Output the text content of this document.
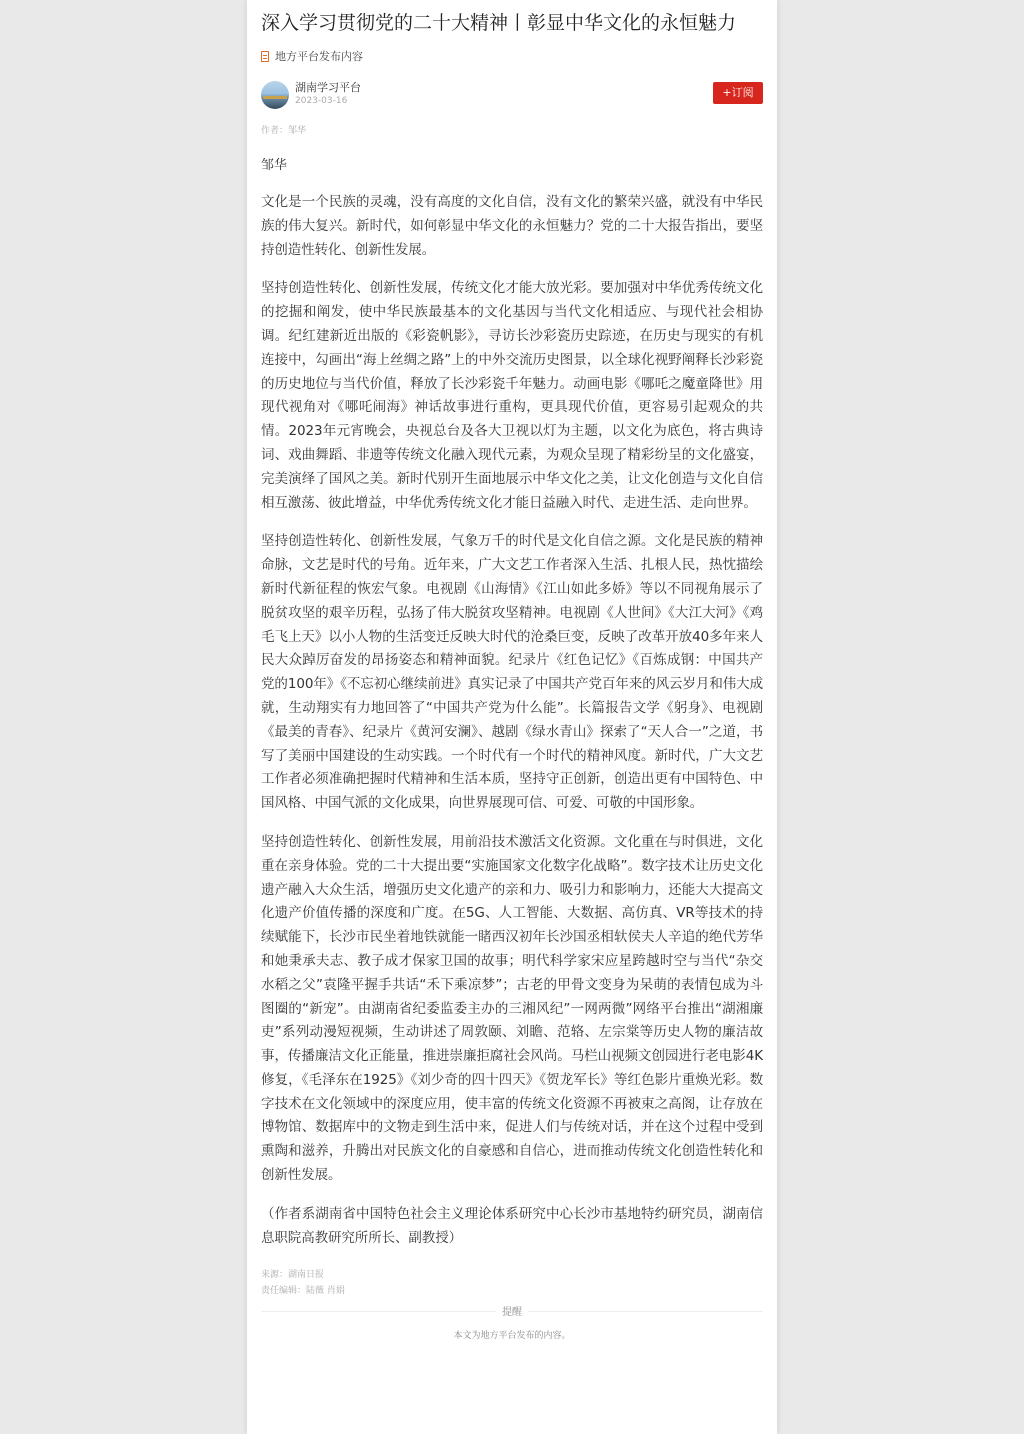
深入学习贯彻党的二十大精神丨彰显中华文化的永恒魅力
地方平台发布内容
湖南学习平台
2023-03-16
+订阅
作者：邹华
邹华

文化是一个民族的灵魂，没有高度的文化自信，没有文化的繁荣兴盛，就没有中华民族的伟大复兴。新时代，如何彰显中华文化的永恒魅力？党的二十大报告指出，要坚持创造性转化、创新性发展。

坚持创造性转化、创新性发展，传统文化才能大放光彩。要加强对中华优秀传统文化的挖掘和阐发，使中华民族最基本的文化基因与当代文化相适应、与现代社会相协调。纪红建新近出版的《彩瓷帆影》，寻访长沙彩瓷历史踪迹，在历史与现实的有机连接中，勾画出“海上丝绸之路”上的中外交流历史图景，以全球化视野阐释长沙彩瓷的历史地位与当代价值，释放了长沙彩瓷千年魅力。动画电影《哪吒之魔童降世》用现代视角对《哪吒闹海》神话故事进行重构，更具现代价值，更容易引起观众的共情。2023年元宵晚会，央视总台及各大卫视以灯为主题，以文化为底色，将古典诗词、戏曲舞蹈、非遗等传统文化融入现代元素，为观众呈现了精彩纷呈的文化盛宴，完美演绎了国风之美。新时代别开生面地展示中华文化之美，让文化创造与文化自信相互激荡、彼此增益，中华优秀传统文化才能日益融入时代、走进生活、走向世界。

坚持创造性转化、创新性发展，气象万千的时代是文化自信之源。文化是民族的精神命脉，文艺是时代的号角。近年来，广大文艺工作者深入生活、扎根人民，热忱描绘新时代新征程的恢宏气象。电视剧《山海情》《江山如此多娇》等以不同视角展示了脱贫攻坚的艰辛历程，弘扬了伟大脱贫攻坚精神。电视剧《人世间》《大江大河》《鸡毛飞上天》以小人物的生活变迁反映大时代的沧桑巨变，反映了改革开放40多年来人民大众踔厉奋发的昂扬姿态和精神面貌。纪录片《红色记忆》《百炼成钢：中国共产党的100年》《不忘初心继续前进》真实记录了中国共产党百年来的风云岁月和伟大成就，生动翔实有力地回答了“中国共产党为什么能”。长篇报告文学《躬身》、电视剧《最美的青春》、纪录片《黄河安澜》、越剧《绿水青山》探索了“天人合一”之道，书写了美丽中国建设的生动实践。一个时代有一个时代的精神风度。新时代，广大文艺工作者必须准确把握时代精神和生活本质，坚持守正创新，创造出更有中国特色、中国风格、中国气派的文化成果，向世界展现可信、可爱、可敬的中国形象。

坚持创造性转化、创新性发展，用前沿技术激活文化资源。文化重在与时俱进，文化重在亲身体验。党的二十大提出要“实施国家文化数字化战略”。数字技术让历史文化遗产融入大众生活，增强历史文化遗产的亲和力、吸引力和影响力，还能大大提高文化遗产价值传播的深度和广度。在5G、人工智能、大数据、高仿真、VR等技术的持续赋能下，长沙市民坐着地铁就能一睹西汉初年长沙国丞相轪侯夫人辛追的绝代芳华和她秉承夫志、教子成才保家卫国的故事；明代科学家宋应星跨越时空与当代“杂交水稻之父”袁隆平握手共话“禾下乘凉梦”；古老的甲骨文变身为呆萌的表情包成为斗图圈的“新宠”。由湖南省纪委监委主办的三湘风纪”一网两微”网络平台推出“湖湘廉吏”系列动漫短视频，生动讲述了周敦颐、刘瞻、范辂、左宗棠等历史人物的廉洁故事，传播廉洁文化正能量，推进崇廉拒腐社会风尚。马栏山视频文创园进行老电影4K修复，《毛泽东在1925》《刘少奇的四十四天》《贺龙军长》等红色影片重焕光彩。数字技术在文化领域中的深度应用，使丰富的传统文化资源不再被束之高阁，让存放在博物馆、数据库中的文物走到生活中来，促进人们与传统对话，并在这个过程中受到熏陶和滋养，升腾出对民族文化的自豪感和自信心，进而推动传统文化创造性转化和创新性发展。

（作者系湖南省中国特色社会主义理论体系研究中心长沙市基地特约研究员，湖南信息职院高教研究所所长、副教授）

来源：湖南日报
责任编辑：陆薇 肖娟
提醒
本文为地方平台发布的内容。
